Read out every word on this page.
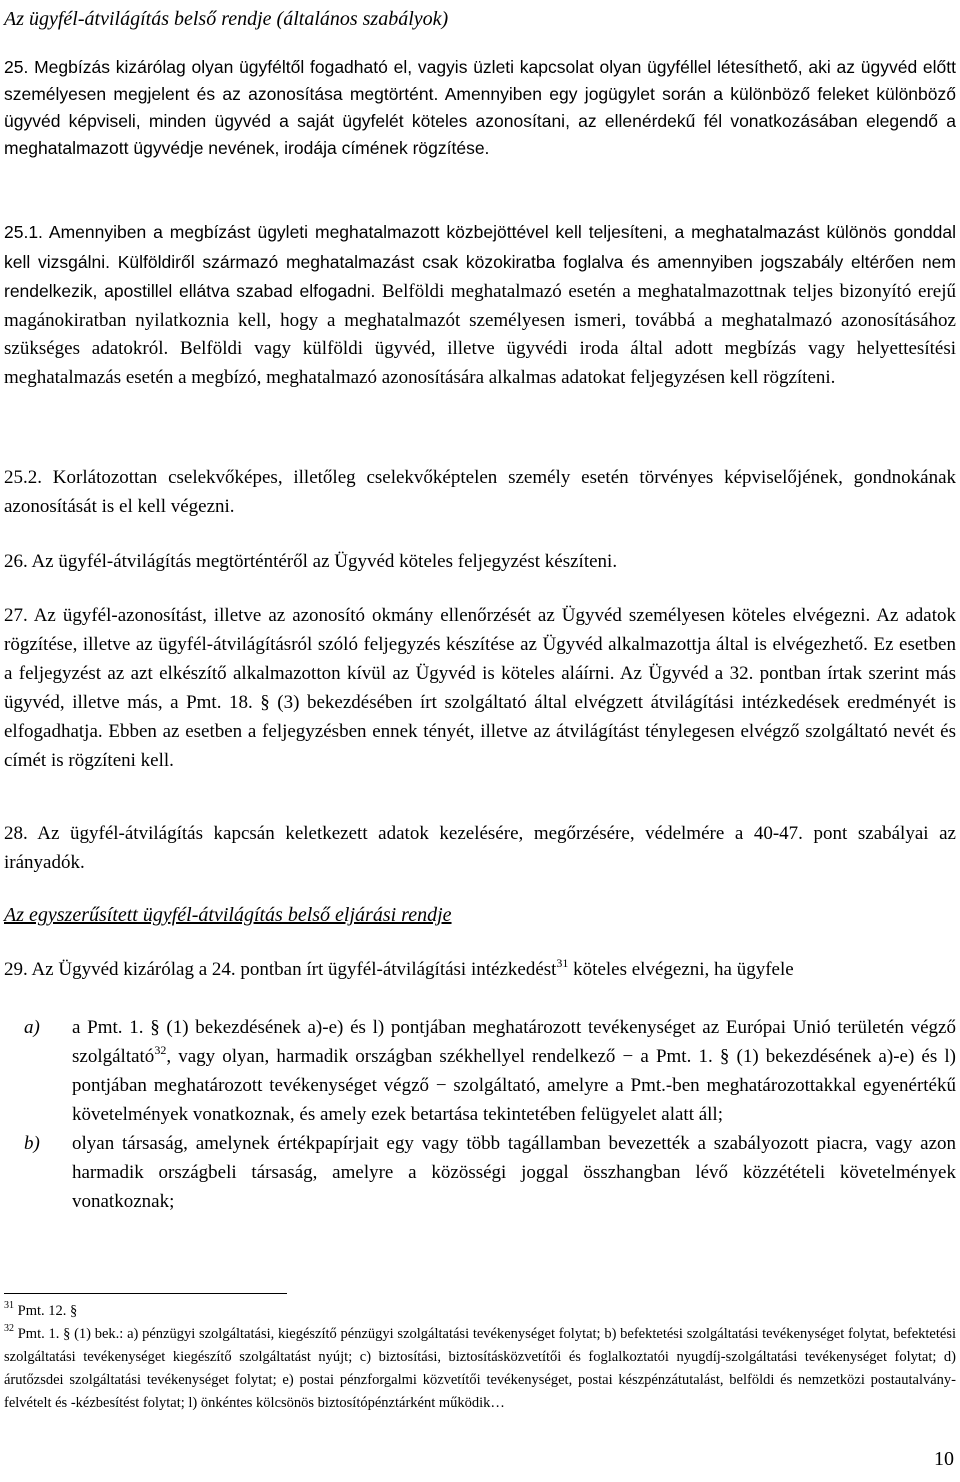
Az ügyfél-átvilágítás belső rendje (általános szabályok)

25. Megbízás kizárólag olyan ügyféltől fogadható el, vagyis üzleti kapcsolat olyan ügyféllel létesíthető, aki az ügyvéd előtt személyesen megjelent és az azonosítása megtörtént. Amennyiben egy jogügylet során a különböző feleket különböző ügyvéd képviseli, minden ügyvéd a saját ügyfelét köteles azonosítani, az ellenérdekű fél vonatkozásában elegendő a meghatalmazott ügyvédje nevének, irodája címének rögzítése.

25.1. Amennyiben a megbízást ügyleti meghatalmazott közbejöttével kell teljesíteni, a meghatalmazást különös gonddal kell vizsgálni. Külföldiről származó meghatalmazást csak közokiratba foglalva és amennyiben jogszabály eltérően nem rendelkezik, apostillel ellátva szabad elfogadni. Belföldi meghatalmazó esetén a meghatalmazottnak teljes bizonyító erejű magánokiratban nyilatkoznia kell, hogy a meghatalmazót személyesen ismeri, továbbá a meghatalmazó azonosításához szükséges adatokról. Belföldi vagy külföldi ügyvéd, illetve ügyvédi iroda által adott megbízás vagy helyettesítési meghatalmazás esetén a megbízó, meghatalmazó azonosítására alkalmas adatokat feljegyzésen kell rögzíteni.

25.2. Korlátozottan cselekvőképes, illetőleg cselekvőképtelen személy esetén törvényes képviselőjének, gondnokának azonosítását is el kell végezni.

26. Az ügyfél-átvilágítás megtörténtéről az Ügyvéd köteles feljegyzést készíteni.

27. Az ügyfél-azonosítást, illetve az azonosító okmány ellenőrzését az Ügyvéd személyesen köteles elvégezni. Az adatok rögzítése, illetve az ügyfél-átvilágításról szóló feljegyzés készítése az Ügyvéd alkalmazottja által is elvégezhető. Ez esetben a feljegyzést az azt elkészítő alkalmazotton kívül az Ügyvéd is köteles aláírni. Az Ügyvéd a 32. pontban írtak szerint más ügyvéd, illetve más, a Pmt. 18. § (3) bekezdésében írt szolgáltató által elvégzett átvilágítási intézkedések eredményét is elfogadhatja. Ebben az esetben a feljegyzésben ennek tényét, illetve az átvilágítást ténylegesen elvégző szolgáltató nevét és címét is rögzíteni kell.

28. Az ügyfél-átvilágítás kapcsán keletkezett adatok kezelésére, megőrzésére, védelmére a 40-47. pont szabályai az irányadók.

Az egyszerűsített ügyfél-átvilágítás belső eljárási rendje

29. Az Ügyvéd kizárólag a 24. pontban írt ügyfél-átvilágítási intézkedést$^{31}$ köteles elvégezni, ha ügyfele

a)	a Pmt. 1. § (1) bekezdésének a)-e) és l) pontjában meghatározott tevékenységet az Európai Unió területén végző szolgáltató$^{32}$, vagy olyan, harmadik országban székhellyel rendelkező − a Pmt. 1. § (1) bekezdésének a)-e) és l) pontjában meghatározott tevékenységet végző − szolgáltató, amelyre a Pmt.-ben meghatározottakkal egyenértékű követelmények vonatkoznak, és amely ezek betartása tekintetében felügyelet alatt áll;
b)	olyan társaság, amelynek értékpapírjait egy vagy több tagállamban bevezették a szabályozott piacra, vagy azon harmadik országbeli társaság, amelyre a közösségi joggal összhangban lévő közzétételi követelmények vonatkoznak;
$^{31}$ Pmt. 12. §
$^{32}$ Pmt. 1. § (1) bek.: a) pénzügyi szolgáltatási, kiegészítő pénzügyi szolgáltatási tevékenységet folytat; b) befektetési szolgáltatási tevékenységet folytat, befektetési szolgáltatási tevékenységet kiegészítő szolgáltatást nyújt; c) biztosítási, biztosításközvetítői és foglalkoztatói nyugdíj-szolgáltatási tevékenységet folytat; d) árutőzsdei szolgáltatási tevékenységet folytat; e) postai pénzforgalmi közvetítői tevékenységet, postai készpénzátutalást, belföldi és nemzetközi postautalvány-felvételt és -kézbesítést folytat; l) önkéntes kölcsönös biztosítópénztárként működik…
10
